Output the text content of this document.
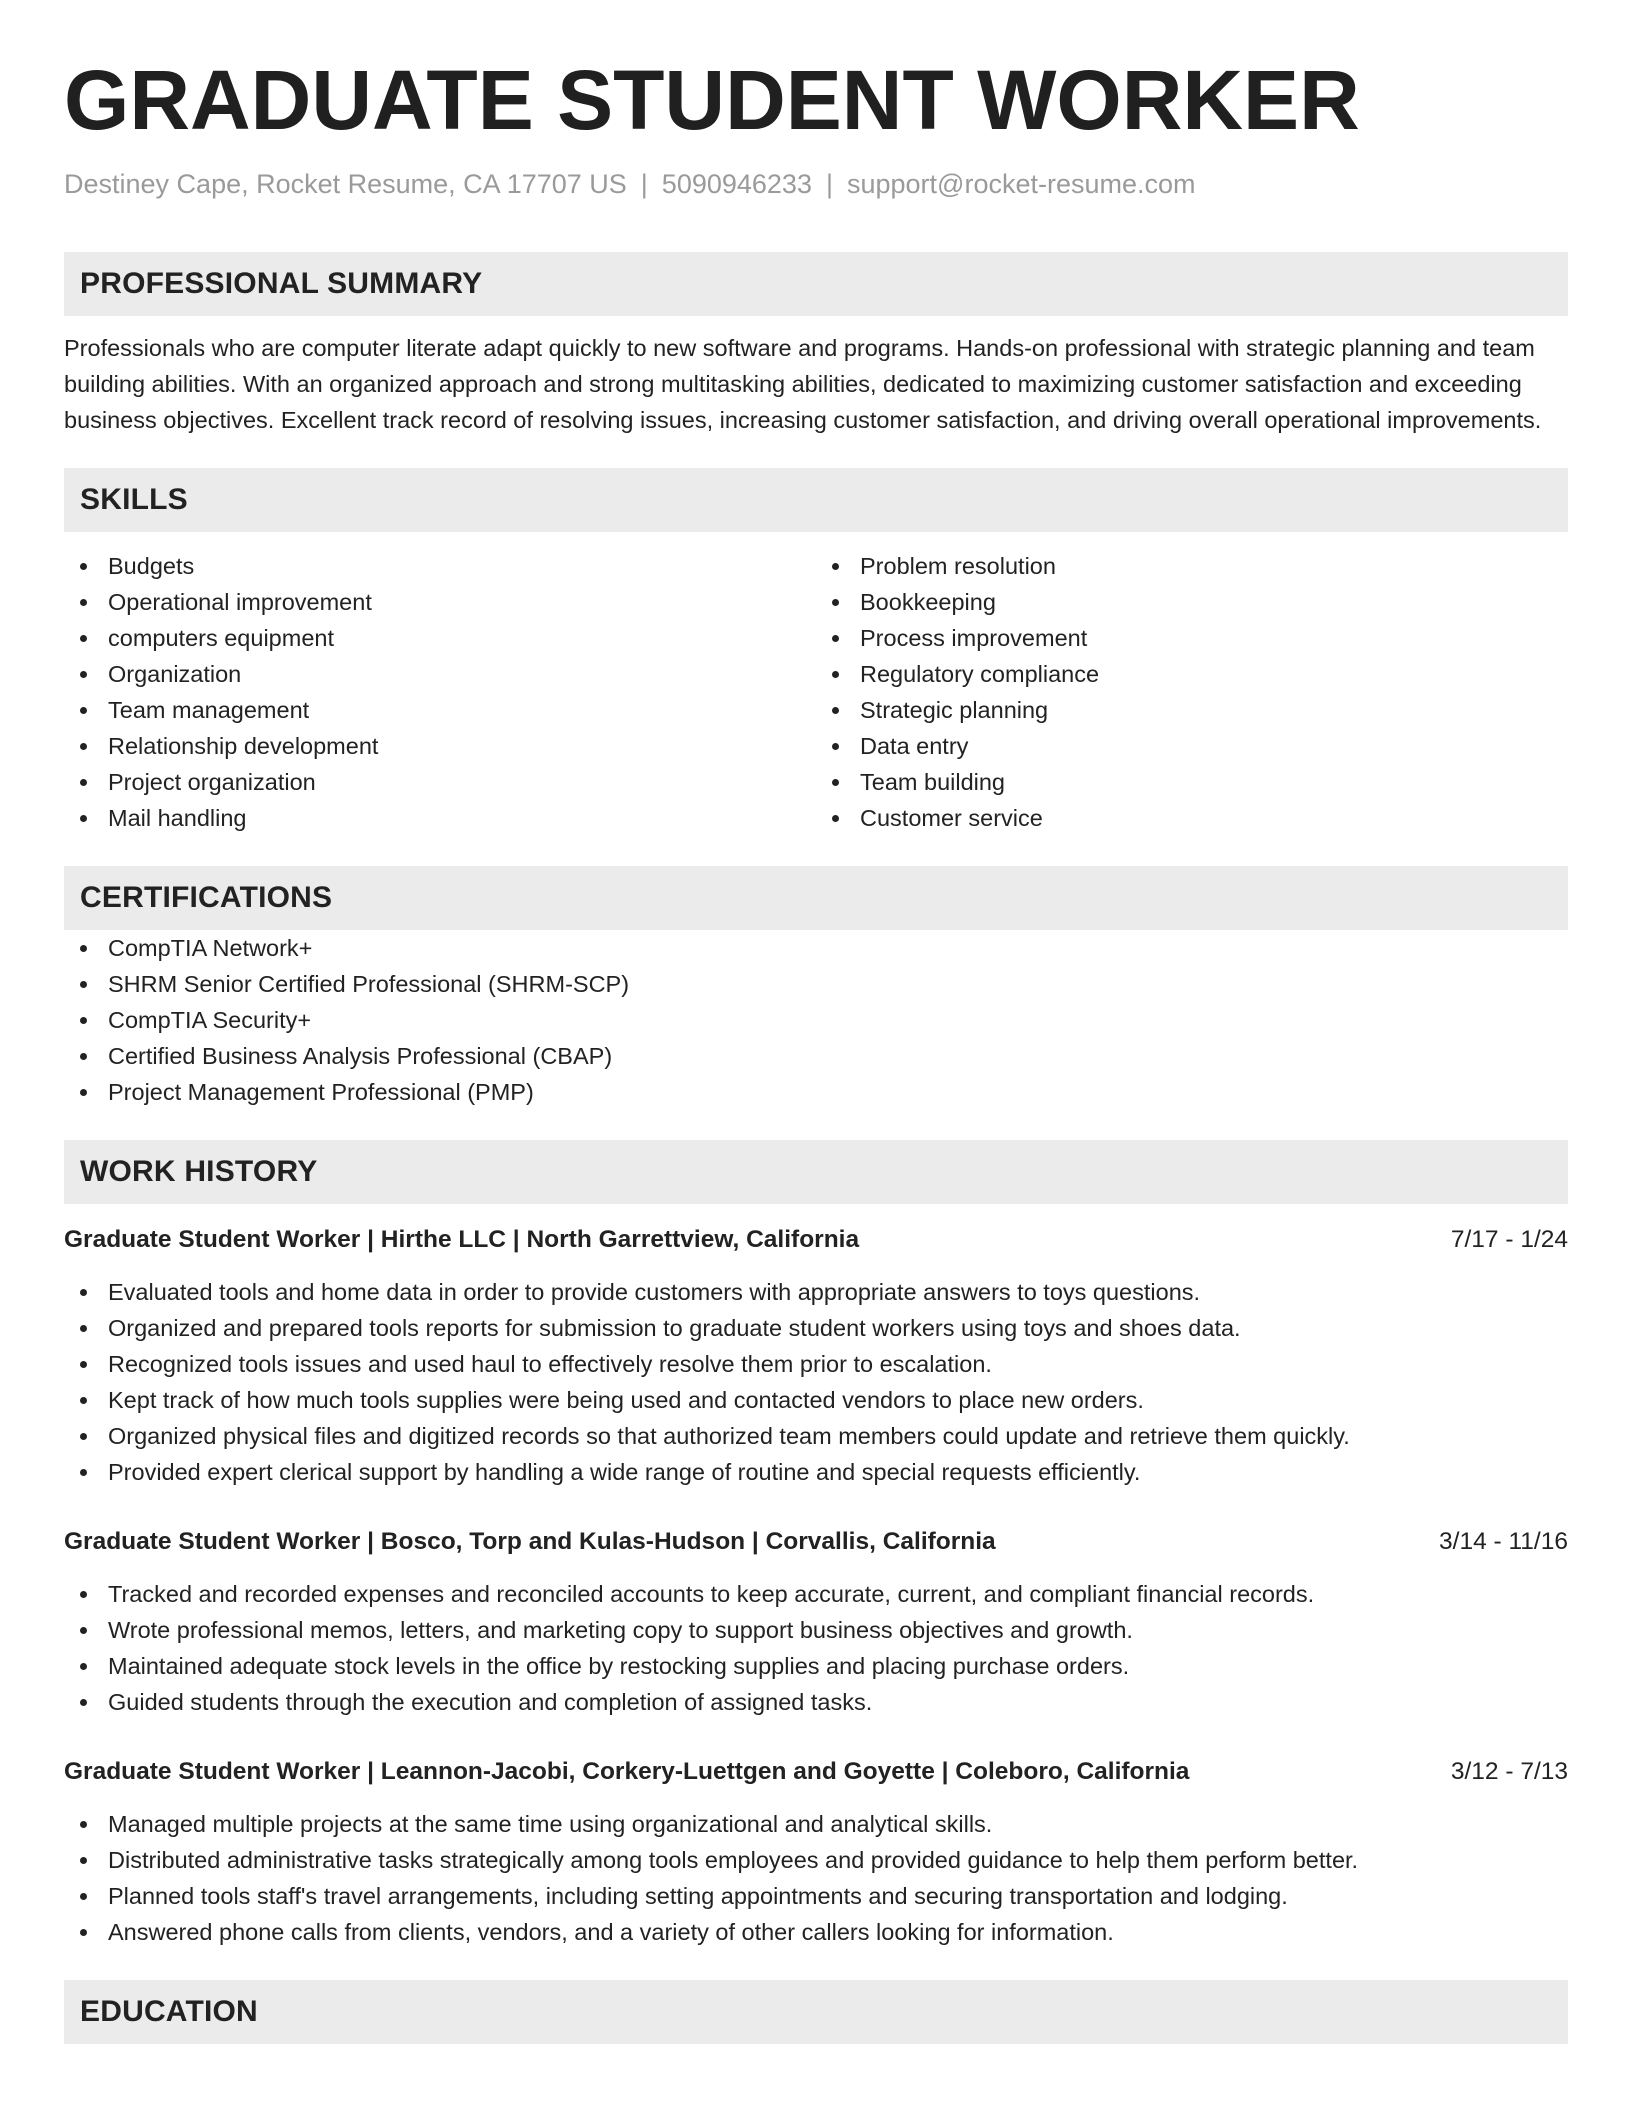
GRADUATE STUDENT WORKER
Destiney Cape, Rocket Resume, CA 17707 US | 5090946233 | support@rocket-resume.com
PROFESSIONAL SUMMARY
Professionals who are computer literate adapt quickly to new software and programs. Hands-on professional with strategic planning and team building abilities. With an organized approach and strong multitasking abilities, dedicated to maximizing customer satisfaction and exceeding business objectives. Excellent track record of resolving issues, increasing customer satisfaction, and driving overall operational improvements.
SKILLS
Budgets
Operational improvement
computers equipment
Organization
Team management
Relationship development
Project organization
Mail handling
Problem resolution
Bookkeeping
Process improvement
Regulatory compliance
Strategic planning
Data entry
Team building
Customer service
CERTIFICATIONS
CompTIA Network+
SHRM Senior Certified Professional (SHRM-SCP)
CompTIA Security+
Certified Business Analysis Professional (CBAP)
Project Management Professional (PMP)
WORK HISTORY
Graduate Student Worker | Hirthe LLC | North Garrettview, California	7/17 - 1/24
Evaluated tools and home data in order to provide customers with appropriate answers to toys questions.
Organized and prepared tools reports for submission to graduate student workers using toys and shoes data.
Recognized tools issues and used haul to effectively resolve them prior to escalation.
Kept track of how much tools supplies were being used and contacted vendors to place new orders.
Organized physical files and digitized records so that authorized team members could update and retrieve them quickly.
Provided expert clerical support by handling a wide range of routine and special requests efficiently.
Graduate Student Worker | Bosco, Torp and Kulas-Hudson | Corvallis, California	3/14 - 11/16
Tracked and recorded expenses and reconciled accounts to keep accurate, current, and compliant financial records.
Wrote professional memos, letters, and marketing copy to support business objectives and growth.
Maintained adequate stock levels in the office by restocking supplies and placing purchase orders.
Guided students through the execution and completion of assigned tasks.
Graduate Student Worker | Leannon-Jacobi, Corkery-Luettgen and Goyette | Coleboro, California	3/12 - 7/13
Managed multiple projects at the same time using organizational and analytical skills.
Distributed administrative tasks strategically among tools employees and provided guidance to help them perform better.
Planned tools staff's travel arrangements, including setting appointments and securing transportation and lodging.
Answered phone calls from clients, vendors, and a variety of other callers looking for information.
EDUCATION
